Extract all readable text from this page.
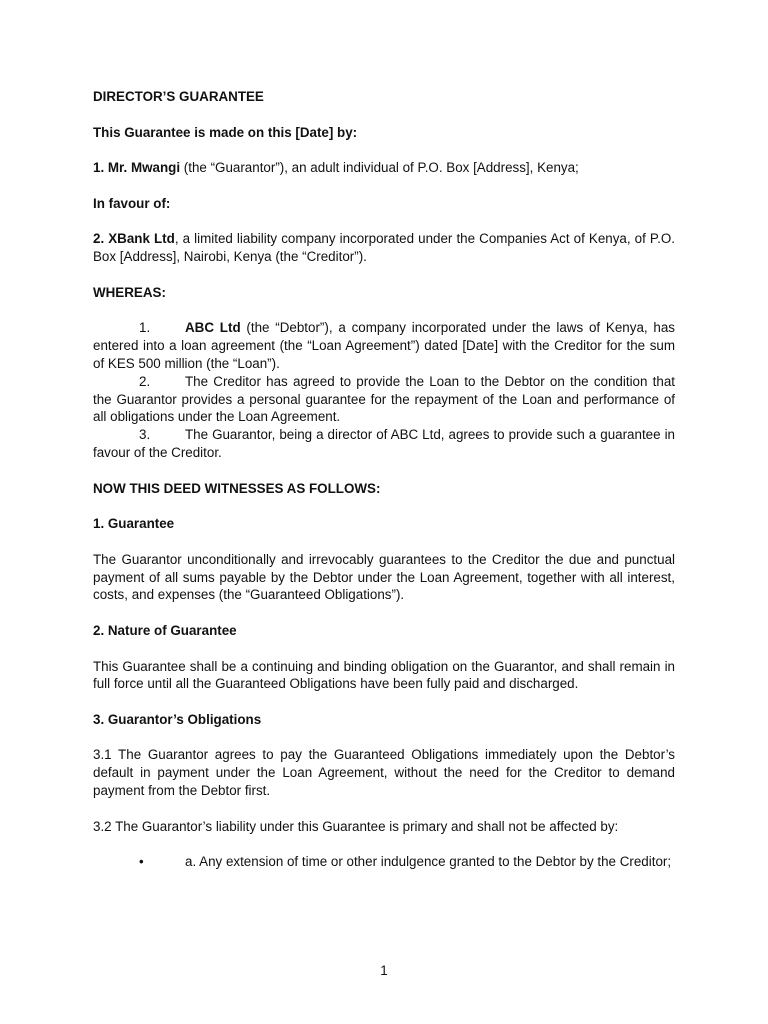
DIRECTOR’S GUARANTEE

This Guarantee is made on this [Date] by:

1. Mr. Mwangi (the “Guarantor”), an adult individual of P.O. Box [Address], Kenya;

In favour of:

2. XBank Ltd, a limited liability company incorporated under the Companies Act of Kenya, of P.O. Box [Address], Nairobi, Kenya (the “Creditor”).

WHEREAS:

1.	ABC Ltd (the “Debtor”), a company incorporated under the laws of Kenya, has entered into a loan agreement (the “Loan Agreement”) dated [Date] with the Creditor for the sum of KES 500 million (the “Loan”).

2.	The Creditor has agreed to provide the Loan to the Debtor on the condition that the Guarantor provides a personal guarantee for the repayment of the Loan and performance of all obligations under the Loan Agreement.

3.	The Guarantor, being a director of ABC Ltd, agrees to provide such a guarantee in favour of the Creditor.

NOW THIS DEED WITNESSES AS FOLLOWS:

1. Guarantee

The Guarantor unconditionally and irrevocably guarantees to the Creditor the due and punctual payment of all sums payable by the Debtor under the Loan Agreement, together with all interest, costs, and expenses (the “Guaranteed Obligations”).

2. Nature of Guarantee

This Guarantee shall be a continuing and binding obligation on the Guarantor, and shall remain in full force until all the Guaranteed Obligations have been fully paid and discharged.

3. Guarantor’s Obligations

3.1 The Guarantor agrees to pay the Guaranteed Obligations immediately upon the Debtor’s default in payment under the Loan Agreement, without the need for the Creditor to demand payment from the Debtor first.

3.2 The Guarantor’s liability under this Guarantee is primary and shall not be affected by:

•	a. Any extension of time or other indulgence granted to the Debtor by the Creditor;

1
